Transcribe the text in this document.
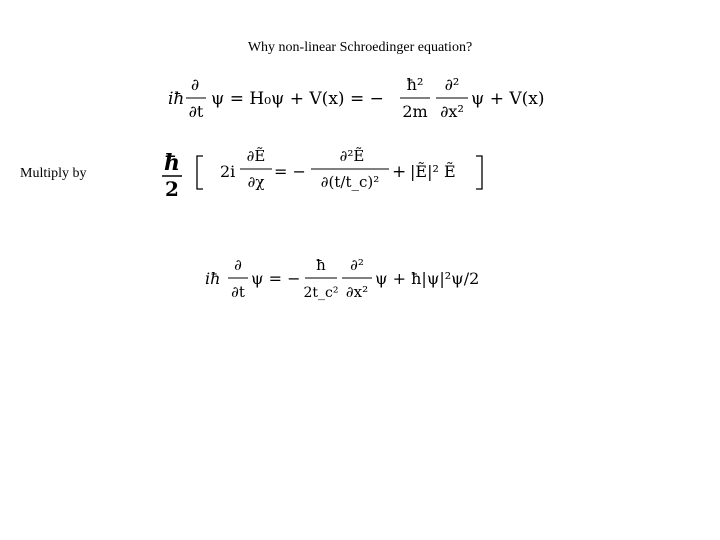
Why non-linear Schroedinger equation?
Multiply by
iħ
∂
∂t
ψ = H₀ψ + V(x) = −
ħ²
2m
∂²
∂x²
ψ + V(x)
ħ
2
2i
∂Ẽ
∂χ
= −
∂²Ẽ
∂(t/t_c)² + |Ẽ|² Ẽ
iħ
∂
∂t
ψ = −
ħ
2t_c²
∂²
∂x²
ψ + ħ|ψ|²ψ/2
